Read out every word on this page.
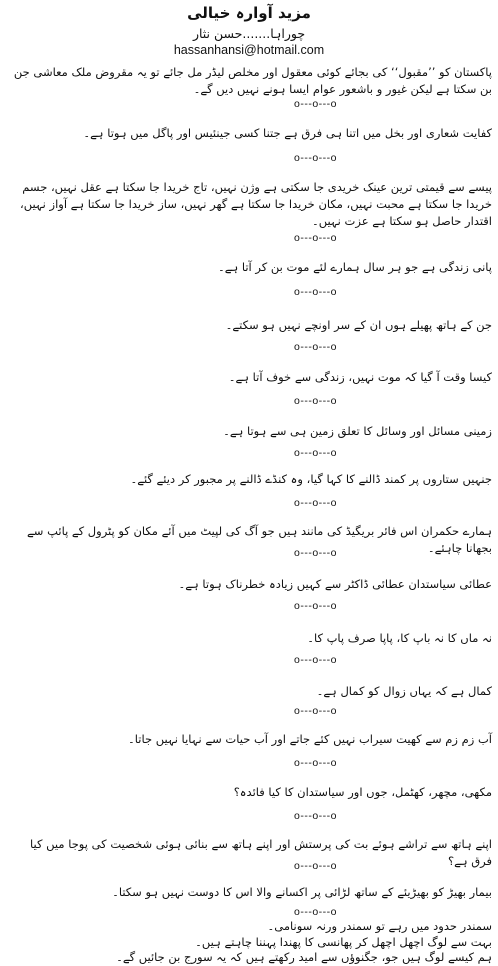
مزید آوارہ خیالی
چوراہا.......حسن نثار
hassanhansi@hotmail.com
پاکستان کو ’’مقبول‘‘ کی بجائے کوئی معقول اور مخلص لیڈر مل جائے تو یہ مقروض ملک معاشی جن بن سکتا ہے لیکن غیور و باشعور عوام ایسا ہونے نہیں دیں گے۔
o---o---o
کفایت شعاری اور بخل میں اتنا ہی فرق ہے جتنا کسی جینئیس اور پاگل میں ہوتا ہے۔
o---o---o
پیسے سے قیمتی ترین عینک خریدی جا سکتی ہے وژن نہیں، تاج خریدا جا سکتا ہے عقل نہیں، جسم خریدا جا سکتا ہے محبت نہیں، مکان خریدا جا سکتا ہے گھر نہیں، ساز خریدا جا سکتا ہے آواز نہیں، اقتدار حاصل ہو سکتا ہے عزت نہیں۔
o---o---o
پانی زندگی ہے جو ہر سال ہمارے لئے موت بن کر آتا ہے۔
o---o---o
جن کے ہاتھ پھیلے ہوں ان کے سر اونچے نہیں ہو سکتے۔
o---o---o
کیسا وقت آ گیا کہ موت نہیں، زندگی سے خوف آتا ہے۔
o---o---o
زمینی مسائل اور وسائل کا تعلق زمین ہی سے ہوتا ہے۔
o---o---o
جنہیں ستاروں پر کمند ڈالنے کا کہا گیا، وہ کنڈے ڈالنے پر مجبور کر دیئے گئے۔
o---o---o
ہمارے حکمران اس فائر بریگیڈ کی مانند ہیں جو آگ کی لپیٹ میں آئے مکان کو پٹرول کے پائپ سے بجھانا چاہئے۔
o---o---o
عطائی سیاستدان عطائی ڈاکٹر سے کہیں زیادہ خطرناک ہوتا ہے۔
o---o---o
نہ ماں کا نہ باپ کا، پاپا صرف پاپ کا۔
o---o---o
کمال ہے کہ یہاں زوال کو کمال ہے۔
o---o---o
آب زم زم سے کھیت سیراب نہیں کئے جاتے اور آب حیات سے نہایا نہیں جاتا۔
o---o---o
مکھی، مچھر، کھٹمل، جوں اور سیاستدان کا کیا فائدہ؟
o---o---o
اپنے ہاتھ سے تراشے ہوئے بت کی پرستش اور اپنے ہاتھ سے بنائی ہوئی شخصیت کی پوجا میں کیا فرق ہے؟
o---o---o
بیمار بھیڑ کو بھیڑیئے کے ساتھ لڑائی پر اکسانے والا اس کا دوست نہیں ہو سکتا۔
o---o---o
سمندر حدود میں رہے تو سمندر ورنہ سونامی۔
بہت سے لوگ اچھل اچھل کر پھانسی کا پھندا پہننا چاہتے ہیں۔
ہم کیسے لوگ ہیں جو، جگنوؤں سے امید رکھتے ہیں کہ یہ سورج بن جائیں گے۔
